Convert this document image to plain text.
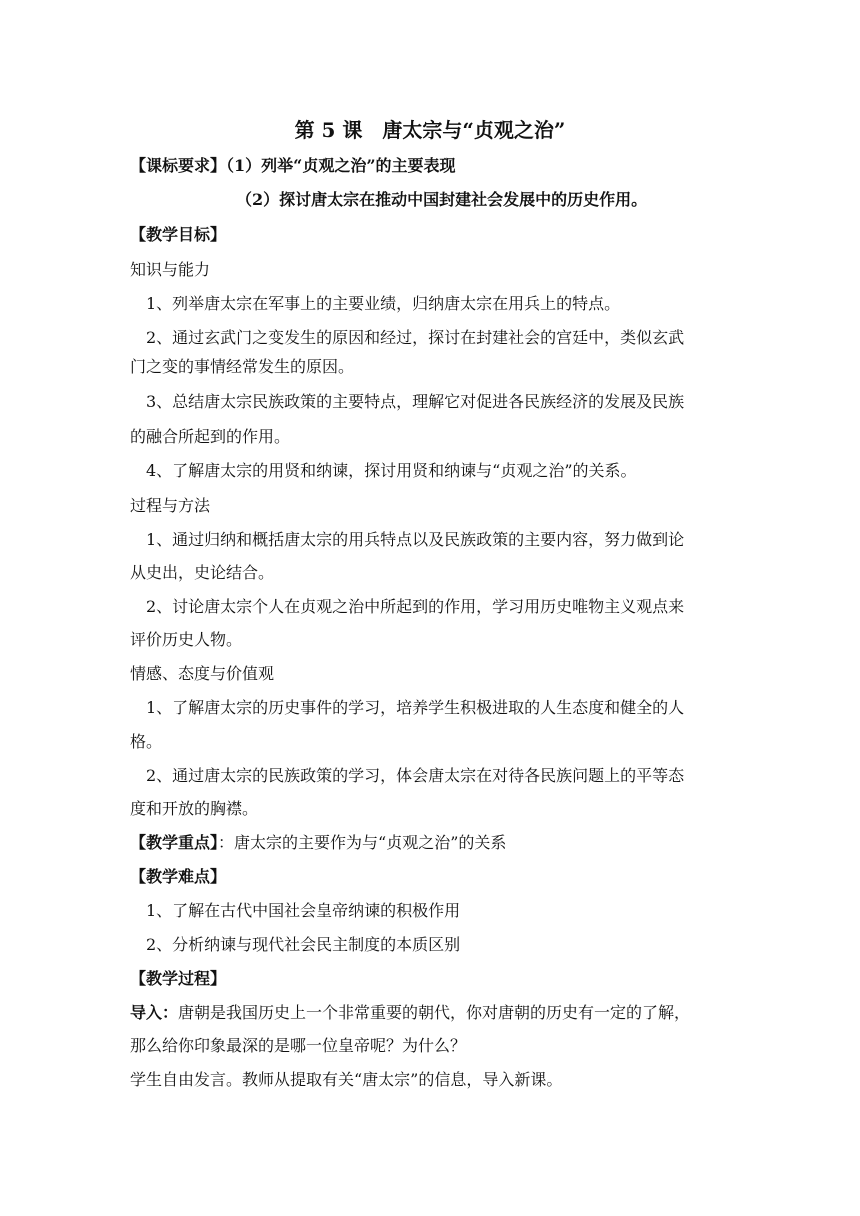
第 5 课　唐太宗与“贞观之治”
【课标要求】（1）列举“贞观之治”的主要表现
（2）探讨唐太宗在推动中国封建社会发展中的历史作用。
【教学目标】
知识与能力
1、列举唐太宗在军事上的主要业绩，归纳唐太宗在用兵上的特点。
2、通过玄武门之变发生的原因和经过，探讨在封建社会的宫廷中，类似玄武
门之变的事情经常发生的原因。
3、总结唐太宗民族政策的主要特点，理解它对促进各民族经济的发展及民族
的融合所起到的作用。
4、了解唐太宗的用贤和纳谏，探讨用贤和纳谏与“贞观之治”的关系。
过程与方法
1、通过归纳和概括唐太宗的用兵特点以及民族政策的主要内容，努力做到论
从史出，史论结合。
2、讨论唐太宗个人在贞观之治中所起到的作用，学习用历史唯物主义观点来
评价历史人物。
情感、态度与价值观
1、了解唐太宗的历史事件的学习，培养学生积极进取的人生态度和健全的人
格。
2、通过唐太宗的民族政策的学习，体会唐太宗在对待各民族问题上的平等态
度和开放的胸襟。
【教学重点】：唐太宗的主要作为与“贞观之治”的关系
【教学难点】
1、了解在古代中国社会皇帝纳谏的积极作用
2、分析纳谏与现代社会民主制度的本质区别
【教学过程】
导入：唐朝是我国历史上一个非常重要的朝代，你对唐朝的历史有一定的了解，
那么给你印象最深的是哪一位皇帝呢？为什么？
学生自由发言。教师从提取有关“唐太宗”的信息，导入新课。
